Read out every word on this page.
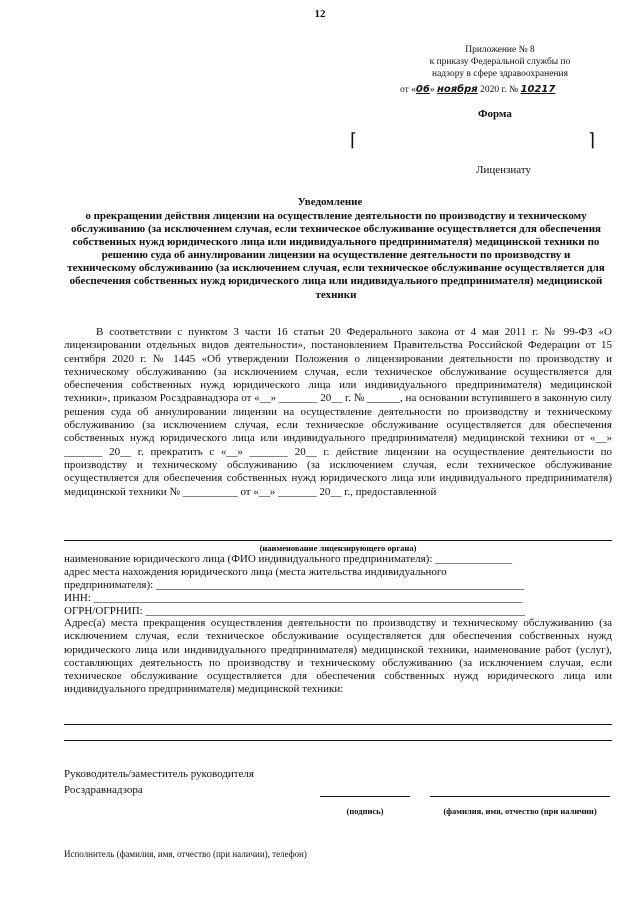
12
Приложение № 8
к приказу Федеральной службы по
надзору в сфере здравоохранения
от «06» ноября 2020 г. № 10217
Форма
⌈	⌉
Лицензиату
Уведомление
о прекращении действия лицензии на осуществление деятельности по производству и техническому обслуживанию (за исключением случая, если техническое обслуживание осуществляется для обеспечения собственных нужд юридического лица или индивидуального предпринимателя) медицинской техники по решению суда об аннулировании лицензии на осуществление деятельности по производству и техническому обслуживанию (за исключением случая, если техническое обслуживание осуществляется для обеспечения собственных нужд юридического лица или индивидуального предпринимателя) медицинской техники

В соответствии с пунктом 3 части 16 статьи 20 Федерального закона от 4 мая 2011 г. № 99-ФЗ «О лицензировании отдельных видов деятельности», постановлением Правительства Российской Федерации от 15 сентября 2020 г. № 1445 «Об утверждении Положения о лицензировании деятельности по производству и техническому обслуживанию (за исключением случая, если техническое обслуживание осуществляется для обеспечения собственных нужд юридического лица или индивидуального предпринимателя) медицинской техники», приказом Росздравнадзора от «__» _______ 20__ г. № ______, на основании вступившего в законную силу решения суда об аннулировании лицензии на осуществление деятельности по производству и техническому обслуживанию (за исключением случая, если техническое обслуживание осуществляется для обеспечения собственных нужд юридического лица или индивидуального предпринимателя) медицинской техники от «__» _______ 20__ г. прекратить с «__» _______ 20__ г. действие лицензии на осуществление деятельности по производству и техническому обслуживанию (за исключением случая, если техническое обслуживание осуществляется для обеспечения собственных нужд юридического лица или индивидуального предпринимателя) медицинской техники № __________ от «__» _______ 20__ г., предоставленной

(наименование лицензирующего органа)
наименование юридического лица (ФИО индивидуального предпринимателя): ______________
адрес места нахождения юридического лица (места жительства индивидуального
предпринимателя): ___________________________________________________________________
ИНН: ______________________________________________________________________________
ОГРН/ОГРНИП: _____________________________________________________________________
Адрес(а) места прекращения осуществления деятельности по производству и техническому обслуживанию (за исключением случая, если техническое обслуживание осуществляется для обеспечения собственных нужд юридического лица или индивидуального предпринимателя) медицинской техники, наименование работ (услуг), составляющих деятельность по производству и техническому обслуживанию (за исключением случая, если техническое обслуживание осуществляется для обеспечения собственных нужд юридического лица или индивидуального предпринимателя) медицинской техники:
Руководитель/заместитель руководителя
Росздравнадзора
(подпись)	(фамилия, имя, отчество (при наличии)
Исполнитель (фамилия, имя, отчество (при наличии), телефон)
